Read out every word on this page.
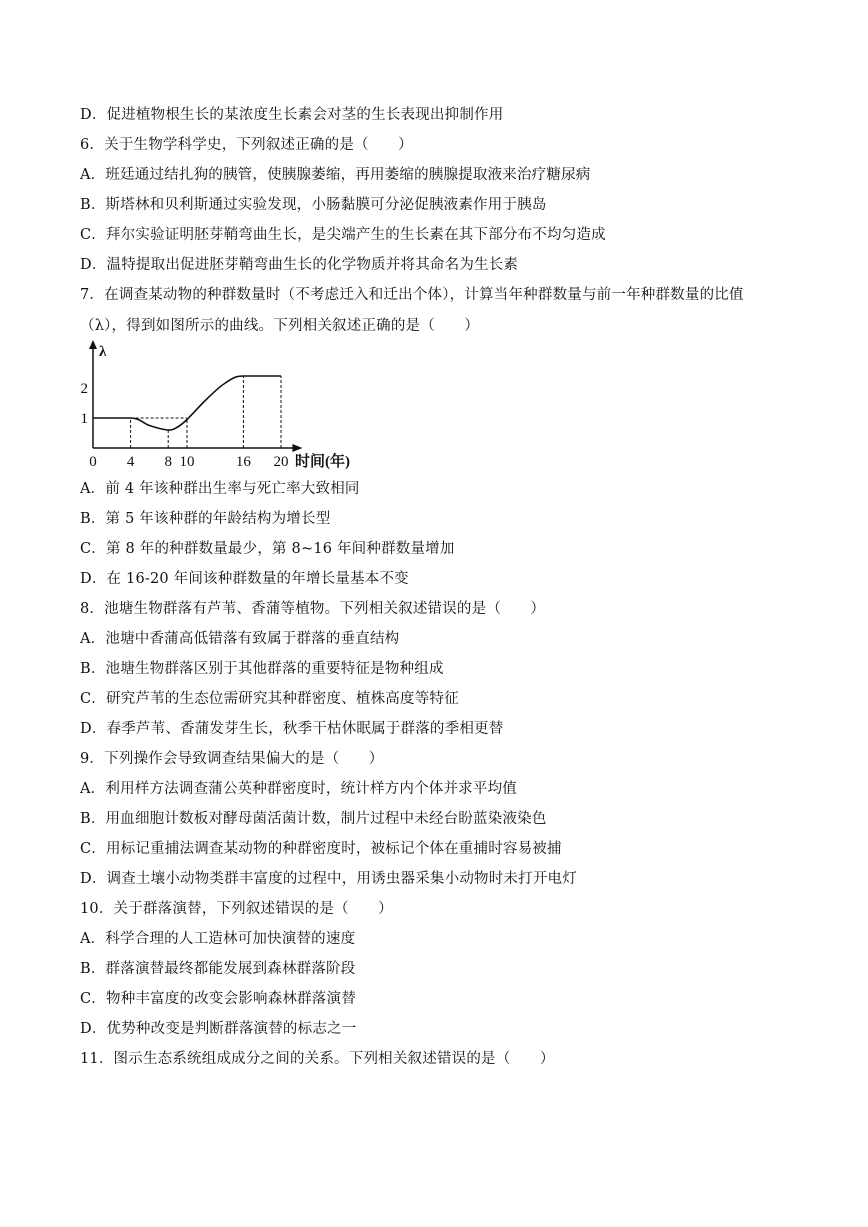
D．促进植物根生长的某浓度生长素会对茎的生长表现出抑制作用
6．关于生物学科学史，下列叙述正确的是（　　）
A．班廷通过结扎狗的胰管，使胰腺萎缩，再用萎缩的胰腺提取液来治疗糖尿病
B．斯塔林和贝利斯通过实验发现，小肠黏膜可分泌促胰液素作用于胰岛
C．拜尔实验证明胚芽鞘弯曲生长，是尖端产生的生长素在其下部分布不均匀造成
D．温特提取出促进胚芽鞘弯曲生长的化学物质并将其命名为生长素
7．在调查某动物的种群数量时（不考虑迁入和迁出个体），计算当年种群数量与前一年种群数量的比值
（λ），得到如图所示的曲线。下列相关叙述正确的是（　　）
A．前 4 年该种群出生率与死亡率大致相同
B．第 5 年该种群的年龄结构为增长型
C．第 8 年的种群数量最少，第 8~16 年间种群数量增加
D．在 16-20 年间该种群数量的年增长量基本不变
8．池塘生物群落有芦苇、香蒲等植物。下列相关叙述错误的是（　　）
A．池塘中香蒲高低错落有致属于群落的垂直结构
B．池塘生物群落区别于其他群落的重要特征是物种组成
C．研究芦苇的生态位需研究其种群密度、植株高度等特征
D．春季芦苇、香蒲发芽生长，秋季干枯休眠属于群落的季相更替
9．下列操作会导致调查结果偏大的是（　　）
A．利用样方法调查蒲公英种群密度时，统计样方内个体并求平均值
B．用血细胞计数板对酵母菌活菌计数，制片过程中未经台盼蓝染液染色
C．用标记重捕法调查某动物的种群密度时，被标记个体在重捕时容易被捕
D．调查土壤小动物类群丰富度的过程中，用诱虫器采集小动物时未打开电灯
10．关于群落演替，下列叙述错误的是（　　）
A．科学合理的人工造林可加快演替的速度
B．群落演替最终都能发展到森林群落阶段
C．物种丰富度的改变会影响森林群落演替
D．优势种改变是判断群落演替的标志之一
11．图示生态系统组成成分之间的关系。下列相关叙述错误的是（　　）
0 4 8 10	16 20
1
2
时间(年)
λ
